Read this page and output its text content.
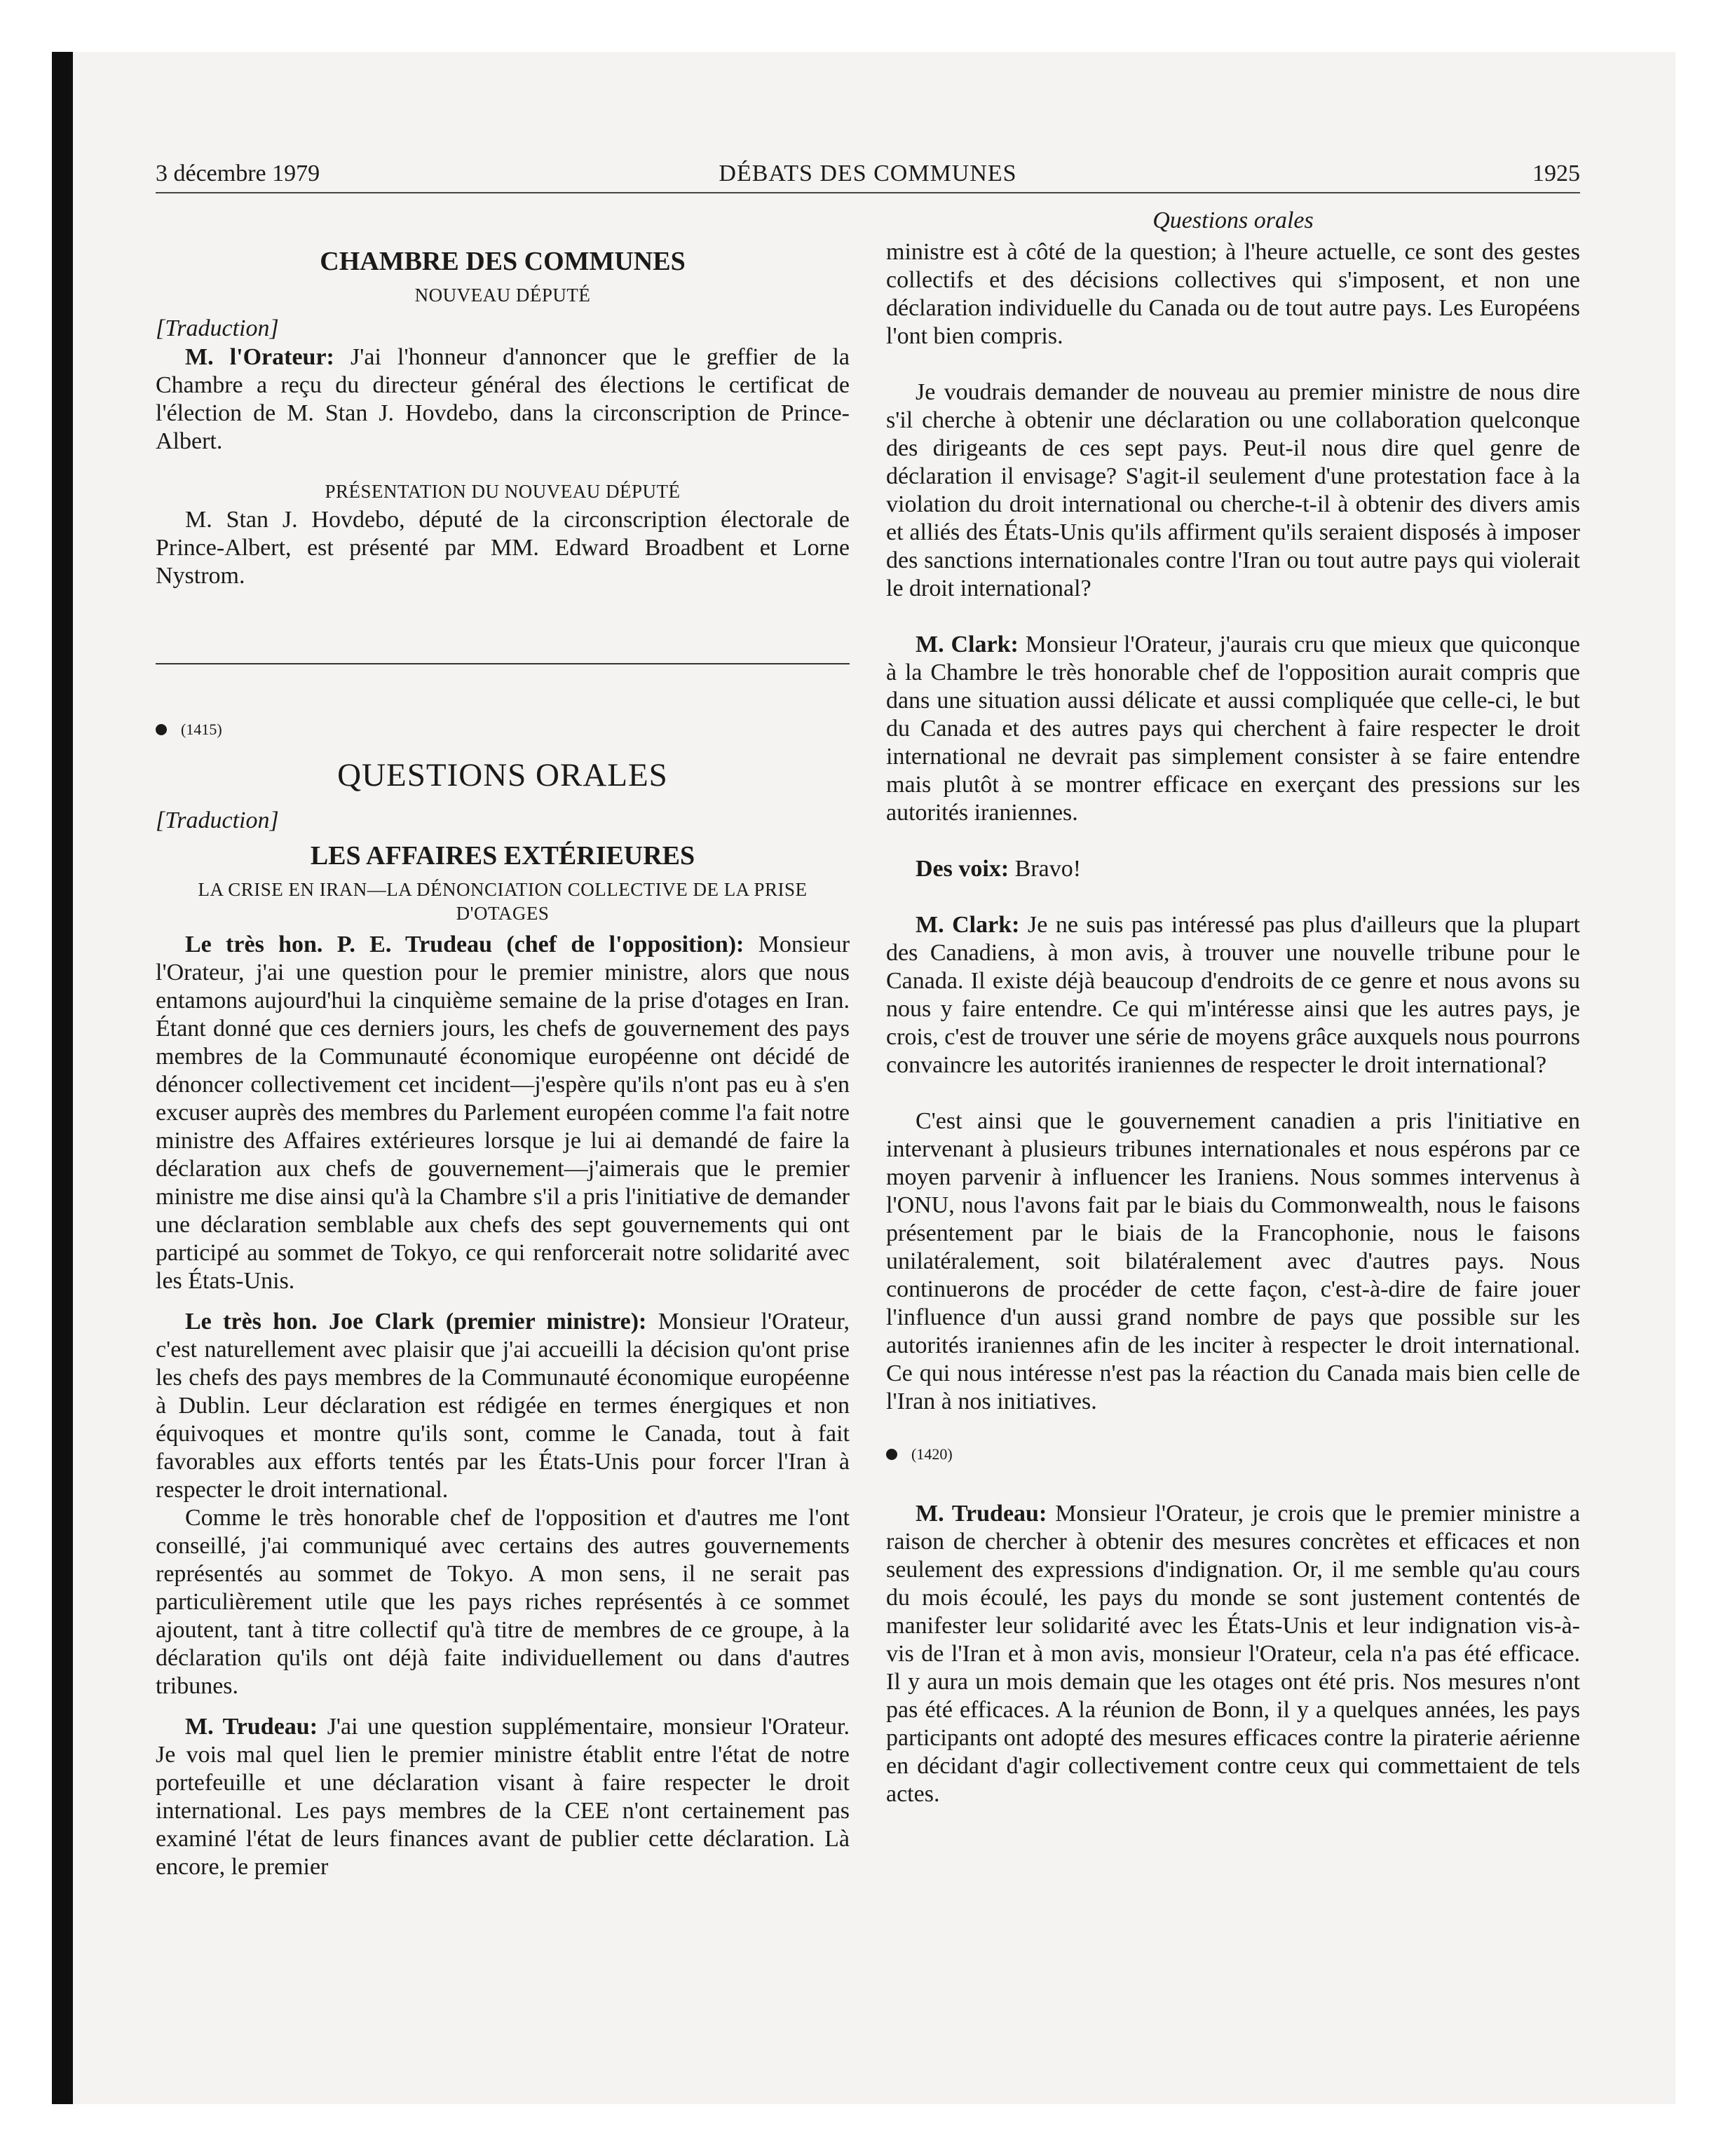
DÉBATS DES COMMUNES
3 décembre 1979	1925
CHAMBRE DES COMMUNES
NOUVEAU DÉPUTÉ
[Traduction]

M. l'Orateur: J'ai l'honneur d'annoncer que le greffier de la Chambre a reçu du directeur général des élections le certificat de l'élection de M. Stan J. Hovdebo, dans la circonscription de Prince-Albert.

PRÉSENTATION DU NOUVEAU DÉPUTÉ

M. Stan J. Hovdebo, député de la circonscription électorale de Prince-Albert, est présenté par MM. Edward Broadbent et Lorne Nystrom.

(1415)
QUESTIONS ORALES
[Traduction]
LES AFFAIRES EXTÉRIEURES
LA CRISE EN IRAN—LA DÉNONCIATION COLLECTIVE DE LA PRISE D'OTAGES

Le très hon. P. E. Trudeau (chef de l'opposition): Monsieur l'Orateur, j'ai une question pour le premier ministre, alors que nous entamons aujourd'hui la cinquième semaine de la prise d'otages en Iran. Étant donné que ces derniers jours, les chefs de gouvernement des pays membres de la Communauté économique européenne ont décidé de dénoncer collectivement cet incident—j'espère qu'ils n'ont pas eu à s'en excuser auprès des membres du Parlement européen comme l'a fait notre ministre des Affaires extérieures lorsque je lui ai demandé de faire la déclaration aux chefs de gouvernement—j'aimerais que le premier ministre me dise ainsi qu'à la Chambre s'il a pris l'initiative de demander une déclaration semblable aux chefs des sept gouvernements qui ont participé au sommet de Tokyo, ce qui renforcerait notre solidarité avec les États-Unis.

Le très hon. Joe Clark (premier ministre): Monsieur l'Orateur, c'est naturellement avec plaisir que j'ai accueilli la décision qu'ont prise les chefs des pays membres de la Communauté économique européenne à Dublin. Leur déclaration est rédigée en termes énergiques et non équivoques et montre qu'ils sont, comme le Canada, tout à fait favorables aux efforts tentés par les États-Unis pour forcer l'Iran à respecter le droit international.

Comme le très honorable chef de l'opposition et d'autres me l'ont conseillé, j'ai communiqué avec certains des autres gouvernements représentés au sommet de Tokyo. A mon sens, il ne serait pas particulièrement utile que les pays riches représentés à ce sommet ajoutent, tant à titre collectif qu'à titre de membres de ce groupe, à la déclaration qu'ils ont déjà faite individuellement ou dans d'autres tribunes.

M. Trudeau: J'ai une question supplémentaire, monsieur l'Orateur. Je vois mal quel lien le premier ministre établit entre l'état de notre portefeuille et une déclaration visant à faire respecter le droit international. Les pays membres de la CEE n'ont certainement pas examiné l'état de leurs finances avant de publier cette déclaration. Là encore, le premier

Questions orales

ministre est à côté de la question; à l'heure actuelle, ce sont des gestes collectifs et des décisions collectives qui s'imposent, et non une déclaration individuelle du Canada ou de tout autre pays. Les Européens l'ont bien compris.

Je voudrais demander de nouveau au premier ministre de nous dire s'il cherche à obtenir une déclaration ou une collaboration quelconque des dirigeants de ces sept pays. Peut-il nous dire quel genre de déclaration il envisage? S'agit-il seulement d'une protestation face à la violation du droit international ou cherche-t-il à obtenir des divers amis et alliés des États-Unis qu'ils affirment qu'ils seraient disposés à imposer des sanctions internationales contre l'Iran ou tout autre pays qui violerait le droit international?

M. Clark: Monsieur l'Orateur, j'aurais cru que mieux que quiconque à la Chambre le très honorable chef de l'opposition aurait compris que dans une situation aussi délicate et aussi compliquée que celle-ci, le but du Canada et des autres pays qui cherchent à faire respecter le droit international ne devrait pas simplement consister à se faire entendre mais plutôt à se montrer efficace en exerçant des pressions sur les autorités iraniennes.

Des voix: Bravo!

M. Clark: Je ne suis pas intéressé pas plus d'ailleurs que la plupart des Canadiens, à mon avis, à trouver une nouvelle tribune pour le Canada. Il existe déjà beaucoup d'endroits de ce genre et nous avons su nous y faire entendre. Ce qui m'intéresse ainsi que les autres pays, je crois, c'est de trouver une série de moyens grâce auxquels nous pourrons convaincre les autorités iraniennes de respecter le droit international?

C'est ainsi que le gouvernement canadien a pris l'initiative en intervenant à plusieurs tribunes internationales et nous espérons par ce moyen parvenir à influencer les Iraniens. Nous sommes intervenus à l'ONU, nous l'avons fait par le biais du Commonwealth, nous le faisons présentement par le biais de la Francophonie, nous le faisons unilatéralement, soit bilatéralement avec d'autres pays. Nous continuerons de procéder de cette façon, c'est-à-dire de faire jouer l'influence d'un aussi grand nombre de pays que possible sur les autorités iraniennes afin de les inciter à respecter le droit international. Ce qui nous intéresse n'est pas la réaction du Canada mais bien celle de l'Iran à nos initiatives.

(1420)

M. Trudeau: Monsieur l'Orateur, je crois que le premier ministre a raison de chercher à obtenir des mesures concrètes et efficaces et non seulement des expressions d'indignation. Or, il me semble qu'au cours du mois écoulé, les pays du monde se sont justement contentés de manifester leur solidarité avec les États-Unis et leur indignation vis-à-vis de l'Iran et à mon avis, monsieur l'Orateur, cela n'a pas été efficace. Il y aura un mois demain que les otages ont été pris. Nos mesures n'ont pas été efficaces. A la réunion de Bonn, il y a quelques années, les pays participants ont adopté des mesures efficaces contre la piraterie aérienne en décidant d'agir collectivement contre ceux qui commettaient de tels actes.
